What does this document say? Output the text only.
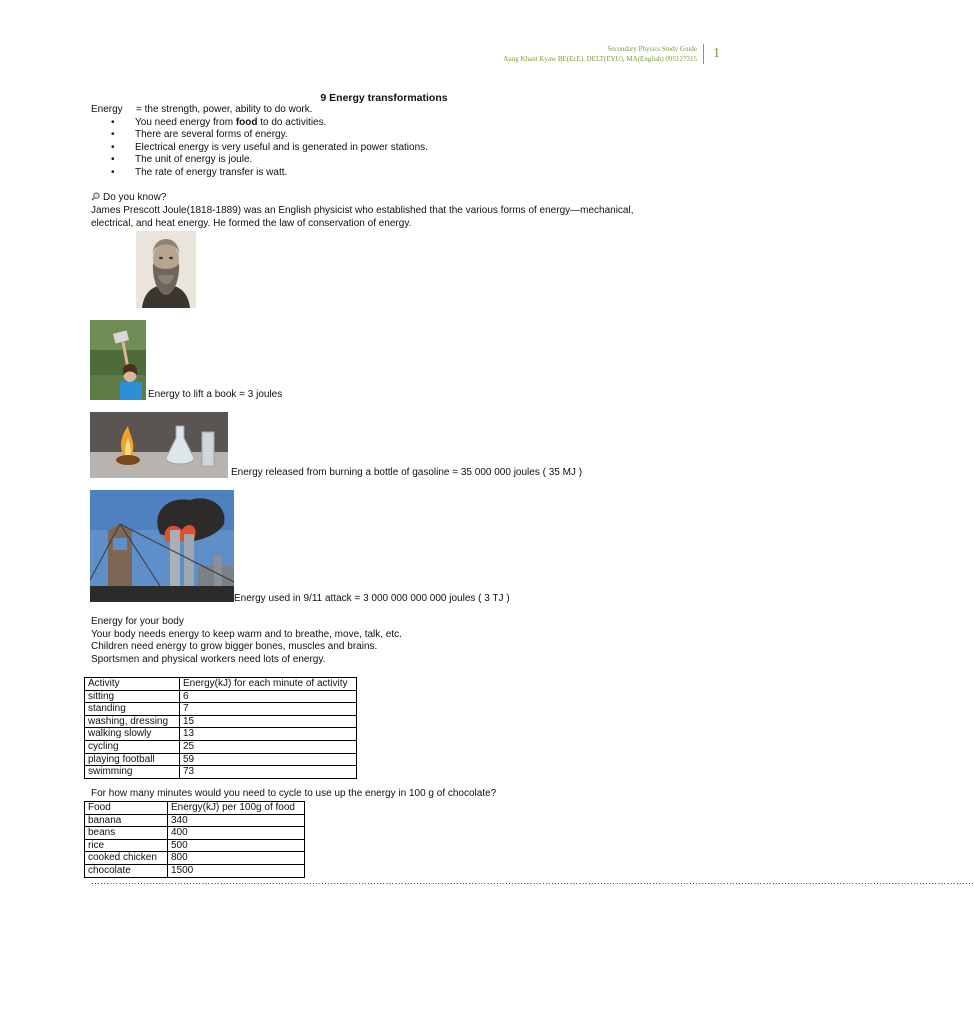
Secondary Physics Study Guide
Aung Khant Kyaw BE(EcE), DELT(EYU), MA(English) 095127315 1
9 Energy transformations
Energy = the strength, power, ability to do work.
• You need energy from food to do activities.
• There are several forms of energy.
• Electrical energy is very useful and is generated in power stations.
• The unit of energy is joule.
• The rate of energy transfer is watt.
Do you know?
James Prescott Joule(1818-1889) was an English physicist who established that the various forms of energy—mechanical, electrical, and heat energy. He formed the law of conservation of energy.
Energy to lift a book = 3 joules
Energy released from burning a bottle of gasoline = 35 000 000 joules ( 35 MJ )
Energy used in 9/11 attack = 3 000 000 000 000 joules ( 3 TJ )
Energy for your body
Your body needs energy to keep warm and to breathe, move, talk, etc.
Children need energy to grow bigger bones, muscles and brains.
Sportsmen and physical workers need lots of energy.
Activity	Energy(kJ) for each minute of activity
sitting	6
standing	7
washing, dressing	15
walking slowly	13
cycling	25
playing football	59
swimming	73
For how many minutes would you need to cycle to use up the energy in 100 g of chocolate?
Food	Energy(kJ) per 100g of food
banana	340
beans	400
rice	500
cooked chicken	800
chocolate	1500
………………………………………………………………………………………………………………………………………………………………………………………………………………………………………………………………
